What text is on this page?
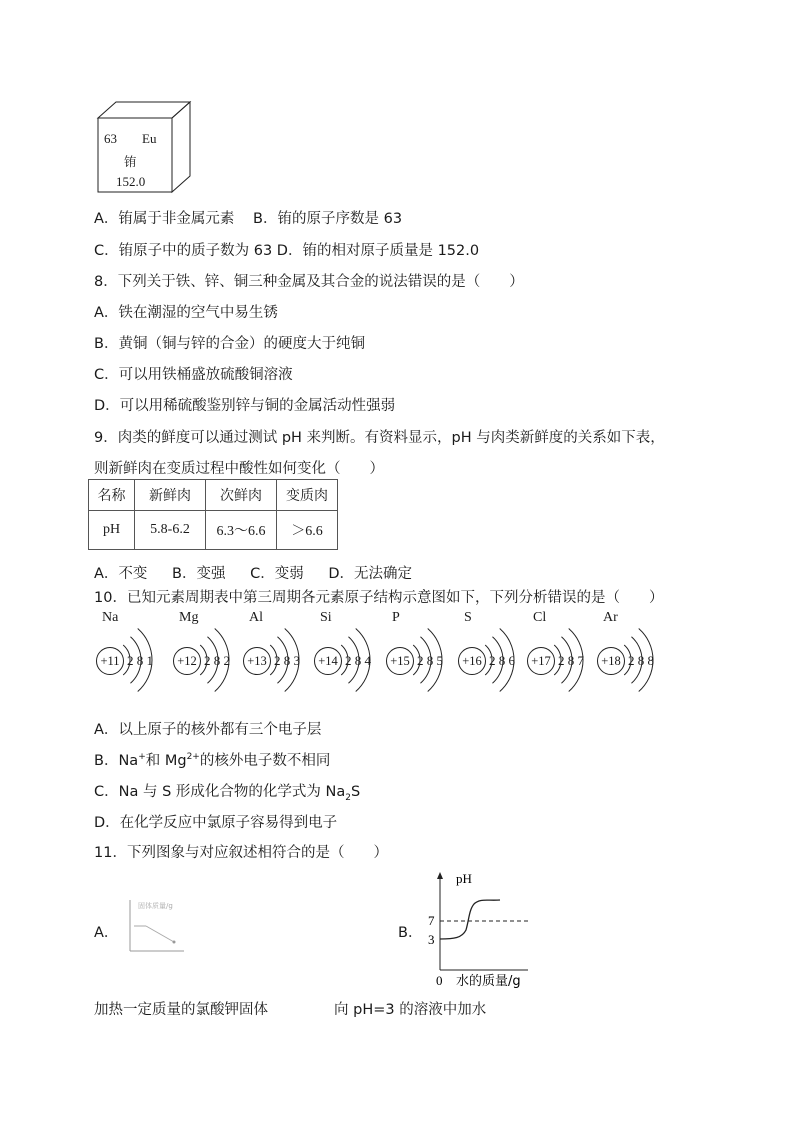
63 Eu
铕
152.0
A．铕属于非金属元素 B．铕的原子序数是 63
C．铕原子中的质子数为 63 D．铕的相对原子质量是 152.0
8．下列关于铁、锌、铜三种金属及其合金的说法错误的是（　　）
A．铁在潮湿的空气中易生锈
B．黄铜（铜与锌的合金）的硬度大于纯铜
C．可以用铁桶盛放硫酸铜溶液
D．可以用稀硫酸鉴别锌与铜的金属活动性强弱
9．肉类的鲜度可以通过测试 pH 来判断。有资料显示，pH 与肉类新鲜度的关系如下表，
则新鲜肉在变质过程中酸性如何变化（　　）
名称	新鲜肉	次鲜肉	变质肉
pH	5.8-6.2	6.3～6.6	＞6.6
A．不变 B．变强 C．变弱 D．无法确定
10．已知元素周期表中第三周期各元素原子结构示意图如下，下列分析错误的是（　　）
Na
+11 2 8 1
Mg
+12 2 8 2
Al
+13 2 8 3
Si
+14 2 8 4
P
+15 2 8 5
S
+16 2 8 6
Cl
+17 2 8 7
Ar
+18 2 8 8
A．以上原子的核外都有三个电子层
B．Na+和 $Mg^{2+}$的核外电子数不相同
C．Na 与 S 形成化合物的化学式为 $Na_2S$
D．在化学反应中氯原子容易得到电子
11．下列图象与对应叙述相符合的是（　　）
A．
固体质量/g
B．
pH
7
3
0 水的质量/g
加热一定质量的氯酸钾固体	向 pH=3 的溶液中加水
